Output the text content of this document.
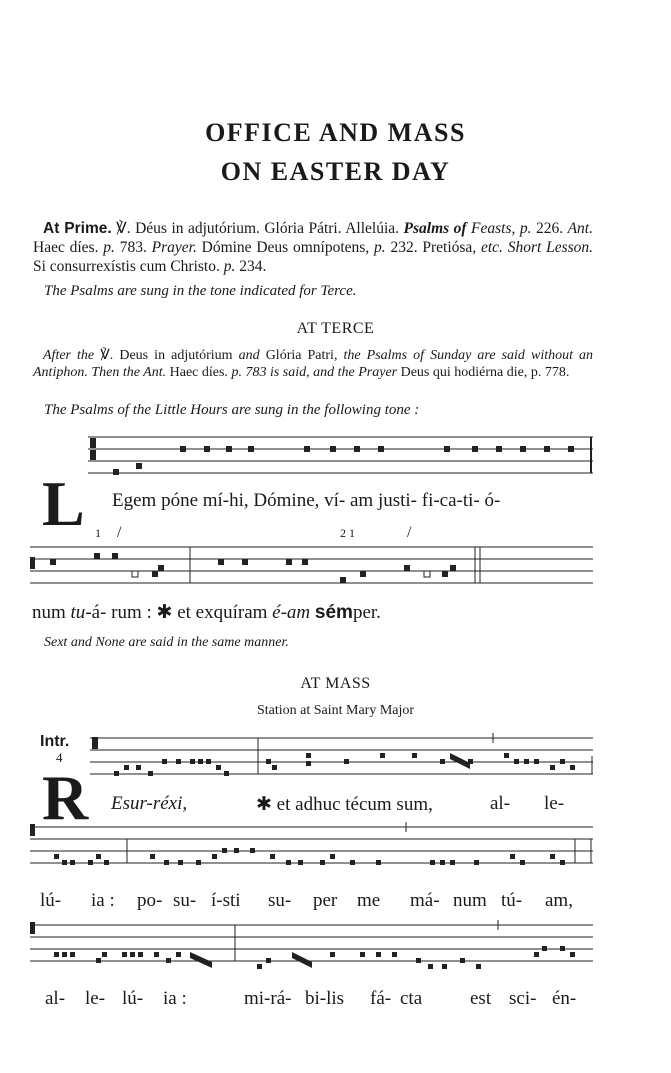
OFFICE AND MASS
ON EASTER DAY
At Prime. ℣. Déus in adjutórium. Glória Pátri. Allelúia. Psalms of Feasts, p. 226. Ant. Haec díes. p. 783. Prayer. Dómine Deus omnípotens, p. 232. Pretiósa, etc. Short Lesson. Si consurrexístis cum Christo. p. 234.
The Psalms are sung in the tone indicated for Terce.
AT TERCE
After the ℣. Deus in adjutórium and Glória Patri, the Psalms of Sunday are said without an Antiphon. Then the Ant. Haec díes. p. 783 is said, and the Prayer Deus qui hodiérna die, p. 778.
The Psalms of the Little Hours are sung in the following tone :
L Egem póne mí-hi, Dómine, ví- am justi- fi-ca-ti- ó-
1 /	2 1	/
num tu-á- rum : ✱ et exquíram é-am sémper.
Sext and None are said in the same manner.
AT MASS
Station at Saint Mary Major
Intr.
4
R Esur-réxi,	✱ et adhuc técum sum,	al- le-
lú- ia : po- su- í-sti su- per me má- num tú- am,
al- le- lú- ia :	mi-rá- bi-lis fá- cta	est sci- én-
